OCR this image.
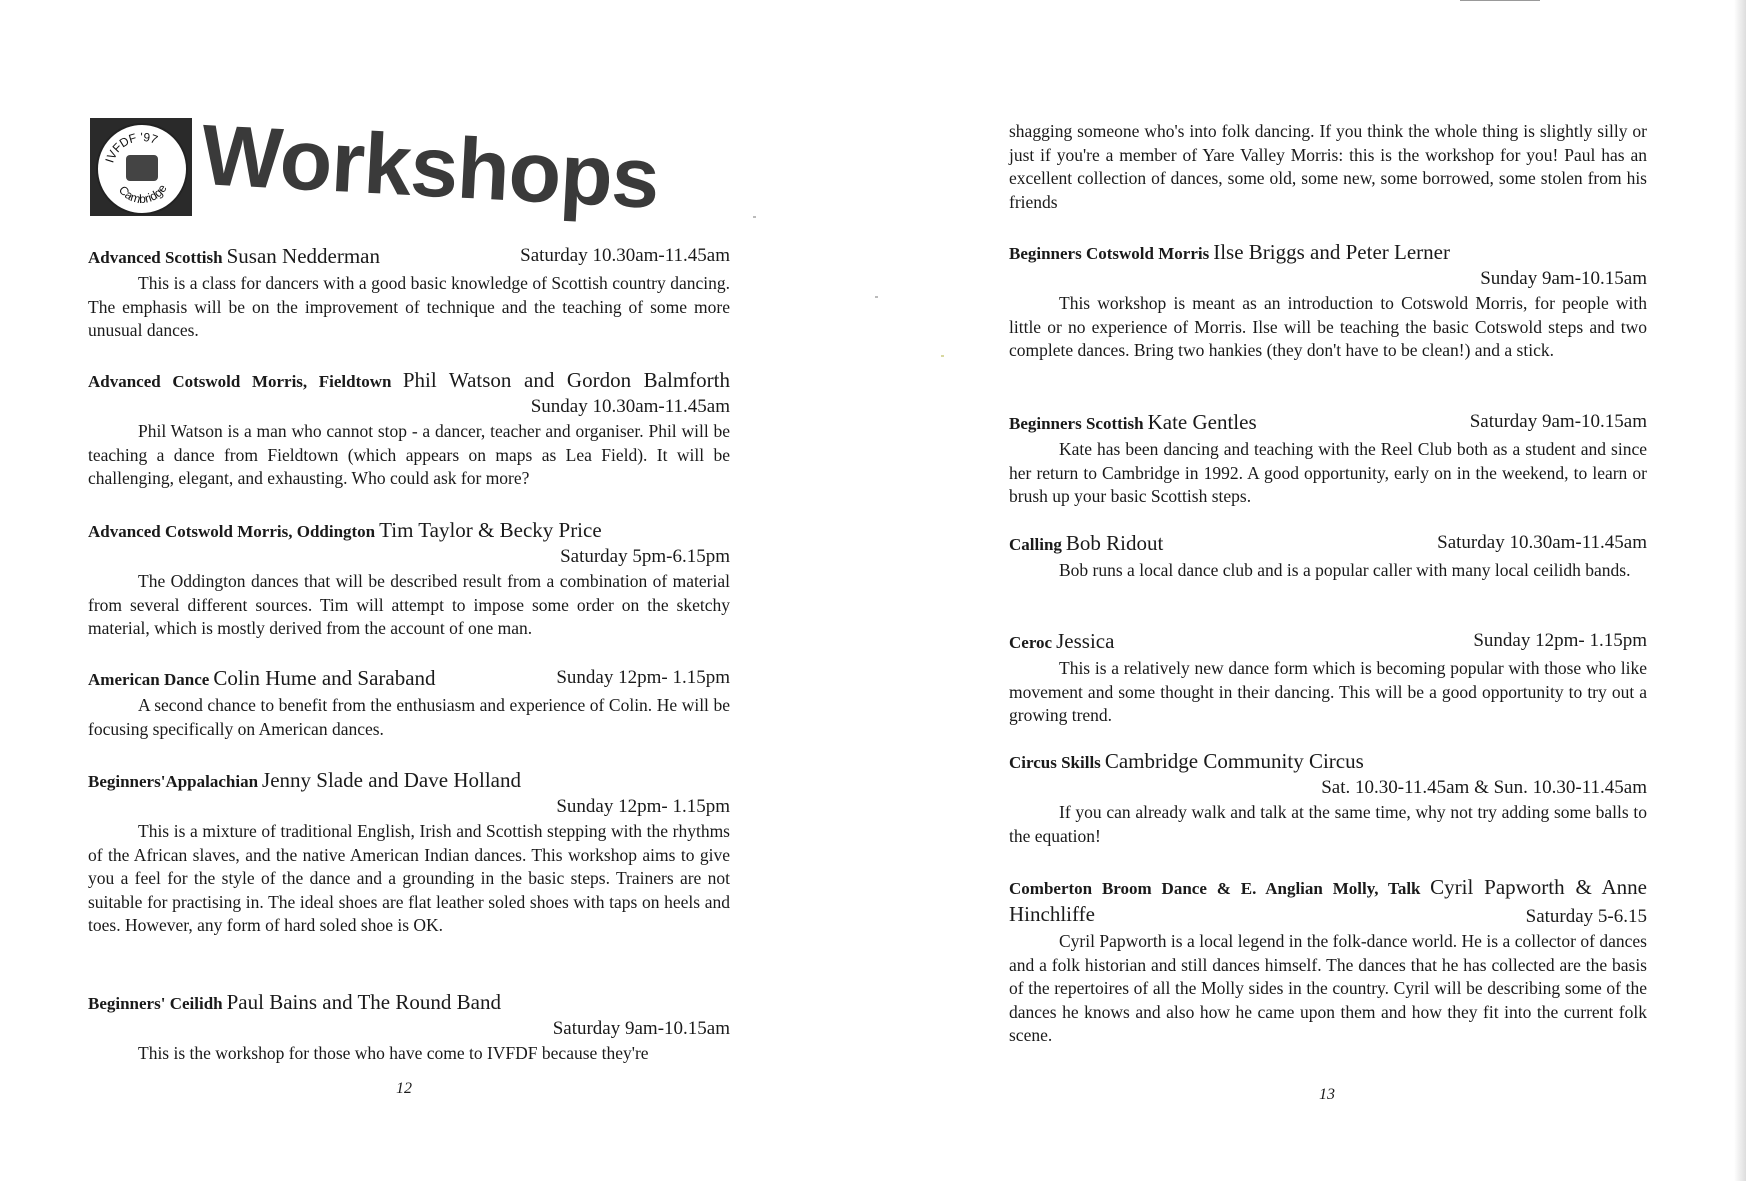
IVFDF '97
Cambridge Workshops
Advanced Scottish Susan Nedderman	Saturday 10.30am-11.45am

This is a class for dancers with a good basic knowledge of Scottish country dancing. The emphasis will be on the improvement of technique and the teaching of some more unusual dances.

Advanced Cotswold Morris, Fieldtown Phil Watson and Gordon Balmforth
Sunday 10.30am-11.45am

Phil Watson is a man who cannot stop - a dancer, teacher and organiser. Phil will be teaching a dance from Fieldtown (which appears on maps as Lea Field). It will be challenging, elegant, and exhausting. Who could ask for more?

Advanced Cotswold Morris, Oddington Tim Taylor & Becky Price
Saturday 5pm-6.15pm

The Oddington dances that will be described result from a combination of material from several different sources. Tim will attempt to impose some order on the sketchy material, which is mostly derived from the account of one man.

American Dance Colin Hume and Saraband	Sunday 12pm- 1.15pm

A second chance to benefit from the enthusiasm and experience of Colin. He will be focusing specifically on American dances.

Beginners'Appalachian Jenny Slade and Dave Holland
Sunday 12pm- 1.15pm

This is a mixture of traditional English, Irish and Scottish stepping with the rhythms of the African slaves, and the native American Indian dances. This workshop aims to give you a feel for the style of the dance and a grounding in the basic steps. Trainers are not suitable for practising in. The ideal shoes are flat leather soled shoes with taps on heels and toes. However, any form of hard soled shoe is OK.

Beginners' Ceilidh Paul Bains and The Round Band
Saturday 9am-10.15am

This is the workshop for those who have come to IVFDF because they're

12

shagging someone who's into folk dancing. If you think the whole thing is slightly silly or just if you're a member of Yare Valley Morris: this is the workshop for you! Paul has an excellent collection of dances, some old, some new, some borrowed, some stolen from his friends

Beginners Cotswold Morris Ilse Briggs and Peter Lerner
Sunday 9am-10.15am

This workshop is meant as an introduction to Cotswold Morris, for people with little or no experience of Morris. Ilse will be teaching the basic Cotswold steps and two complete dances. Bring two hankies (they don't have to be clean!) and a stick.

Beginners Scottish Kate Gentles	Saturday 9am-10.15am

Kate has been dancing and teaching with the Reel Club both as a student and since her return to Cambridge in 1992. A good opportunity, early on in the weekend, to learn or brush up your basic Scottish steps.

Calling Bob Ridout	Saturday 10.30am-11.45am

Bob runs a local dance club and is a popular caller with many local ceilidh bands.

Ceroc Jessica	Sunday 12pm- 1.15pm

This is a relatively new dance form which is becoming popular with those who like movement and some thought in their dancing. This will be a good opportunity to try out a growing trend.

Circus Skills Cambridge Community Circus
Sat. 10.30-11.45am & Sun. 10.30-11.45am

If you can already walk and talk at the same time, why not try adding some balls to the equation!

Comberton Broom Dance & E. Anglian Molly, Talk Cyril Papworth & Anne Hinchliffe	Saturday 5-6.15

Cyril Papworth is a local legend in the folk-dance world. He is a collector of dances and a folk historian and still dances himself. The dances that he has collected are the basis of the repertoires of all the Molly sides in the country. Cyril will be describing some of the dances he knows and also how he came upon them and how they fit into the current folk scene.

13
